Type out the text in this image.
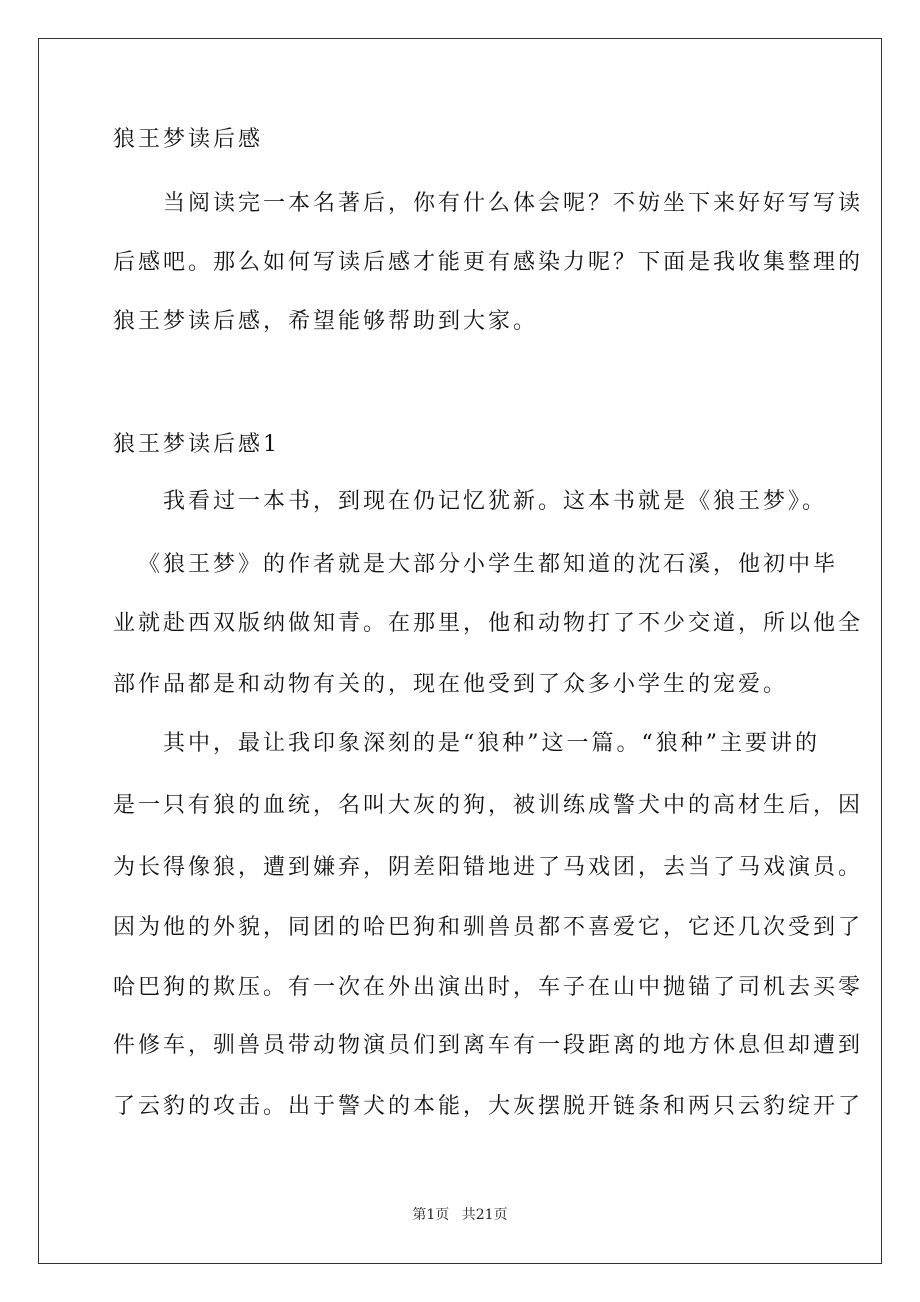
狼王梦读后感
当阅读完一本名著后，你有什么体会呢？不妨坐下来好好写写读
后感吧。那么如何写读后感才能更有感染力呢？下面是我收集整理的
狼王梦读后感，希望能够帮助到大家。
狼王梦读后感1
我看过一本书，到现在仍记忆犹新。这本书就是《狼王梦》。
《狼王梦》的作者就是大部分小学生都知道的沈石溪，他初中毕
业就赴西双版纳做知青。在那里，他和动物打了不少交道，所以他全
部作品都是和动物有关的，现在他受到了众多小学生的宠爱。
其中，最让我印象深刻的是“狼种”这一篇。“狼种”主要讲的
是一只有狼的血统，名叫大灰的狗，被训练成警犬中的高材生后，因
为长得像狼，遭到嫌弃，阴差阳错地进了马戏团，去当了马戏演员。
因为他的外貌，同团的哈巴狗和驯兽员都不喜爱它，它还几次受到了
哈巴狗的欺压。有一次在外出演出时，车子在山中抛锚了司机去买零
件修车，驯兽员带动物演员们到离车有一段距离的地方休息但却遭到
了云豹的攻击。出于警犬的本能，大灰摆脱开链条和两只云豹绽开了
第1页 共21页
